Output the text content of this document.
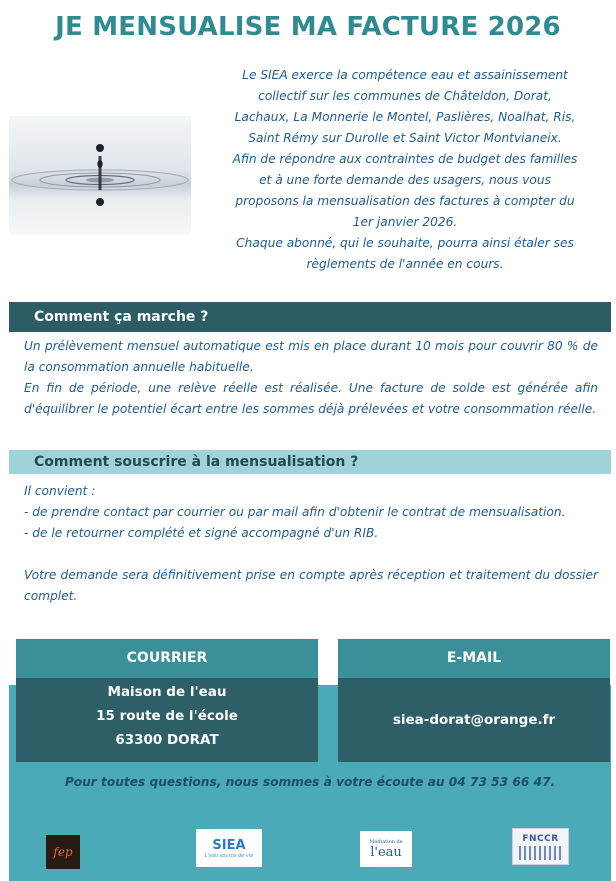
JE MENSUALISE MA FACTURE 2026
Le SIEA exerce la compétence eau et assainissement
collectif sur les communes de Châteldon, Dorat,
Lachaux, La Monnerie le Montel, Paslières, Noalhat, Ris,
Saint Rémy sur Durolle et Saint Victor Montvianeix.
Afin de répondre aux contraintes de budget des familles
et à une forte demande des usagers, nous vous
proposons la mensualisation des factures à compter du
1er janvier 2026.
Chaque abonné, qui le souhaite, pourra ainsi étaler ses
règlements de l'année en cours.
Comment ça marche ?
Un prélèvement mensuel automatique est mis en place durant 10 mois pour couvrir 80 % de la consommation annuelle habituelle.
En fin de période, une relève réelle est réalisée. Une facture de solde est générée afin d'équilibrer le potentiel écart entre les sommes déjà prélevées et votre consommation réelle.
Comment souscrire à la mensualisation ?
Il convient :
- de prendre contact par courrier ou par mail afin d'obtenir le contrat de mensualisation.
- de le retourner complété et signé accompagné d'un RIB.
Votre demande sera définitivement prise en compte après réception et traitement du dossier complet.
COURRIER
Maison de l'eau
15 route de l'école
63300 DORAT
E-MAIL
siea-dorat@orange.fr
Pour toutes questions, nous sommes à votre écoute au 04 73 53 66 47.
fep	SIEA
L'eau source de vie
Médiation de
l'eau
FNCCR
